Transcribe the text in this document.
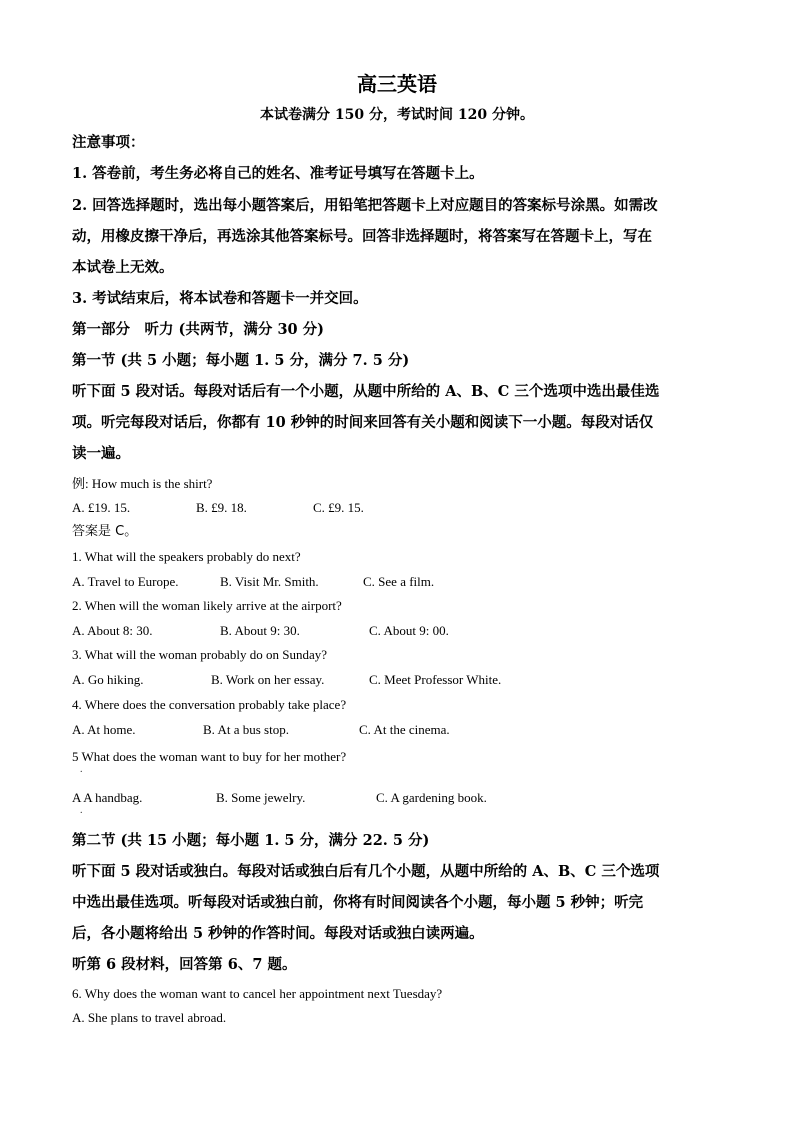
高三英语
本试卷满分 150 分，考试时间 120 分钟。
注意事项：
1. 答卷前，考生务必将自己的姓名、准考证号填写在答题卡上。
2. 回答选择题时，选出每小题答案后，用铅笔把答题卡上对应题目的答案标号涂黑。如需改
动，用橡皮擦干净后，再选涂其他答案标号。回答非选择题时，将答案写在答题卡上，写在
本试卷上无效。
3. 考试结束后，将本试卷和答题卡一并交回。
第一部分　听力 (共两节，满分 30 分)
第一节 (共 5 小题；每小题 1. 5 分，满分 7. 5 分)
听下面 5 段对话。每段对话后有一个小题，从题中所给的 A、B、C 三个选项中选出最佳选
项。听完每段对话后，你都有 10 秒钟的时间来回答有关小题和阅读下一小题。每段对话仅
读一遍。
例: How much is the shirt?
A. £19. 15.	B. £9. 18.	C. £9. 15.
答案是 C。
1. What will the speakers probably do next?
A. Travel to Europe.	B. Visit Mr. Smith.	C. See a film.
2. When will the woman likely arrive at the airport?
A. About 8: 30.	B. About 9: 30.	C. About 9: 00.
3. What will the woman probably do on Sunday?
A. Go hiking.	B. Work on her essay.	C. Meet Professor White.
4. Where does the conversation probably take place?
A. At home.	B. At a bus stop.	C. At the cinema.
5 What does the woman want to buy for her mother?
.
A A handbag.	B. Some jewelry.	C. A gardening book.
.
第二节 (共 15 小题；每小题 1. 5 分，满分 22. 5 分)
听下面 5 段对话或独白。每段对话或独白后有几个小题，从题中所给的 A、B、C 三个选项
中选出最佳选项。听每段对话或独白前，你将有时间阅读各个小题，每小题 5 秒钟；听完
后，各小题将给出 5 秒钟的作答时间。每段对话或独白读两遍。
听第 6 段材料，回答第 6、7 题。
6. Why does the woman want to cancel her appointment next Tuesday?
A. She plans to travel abroad.
